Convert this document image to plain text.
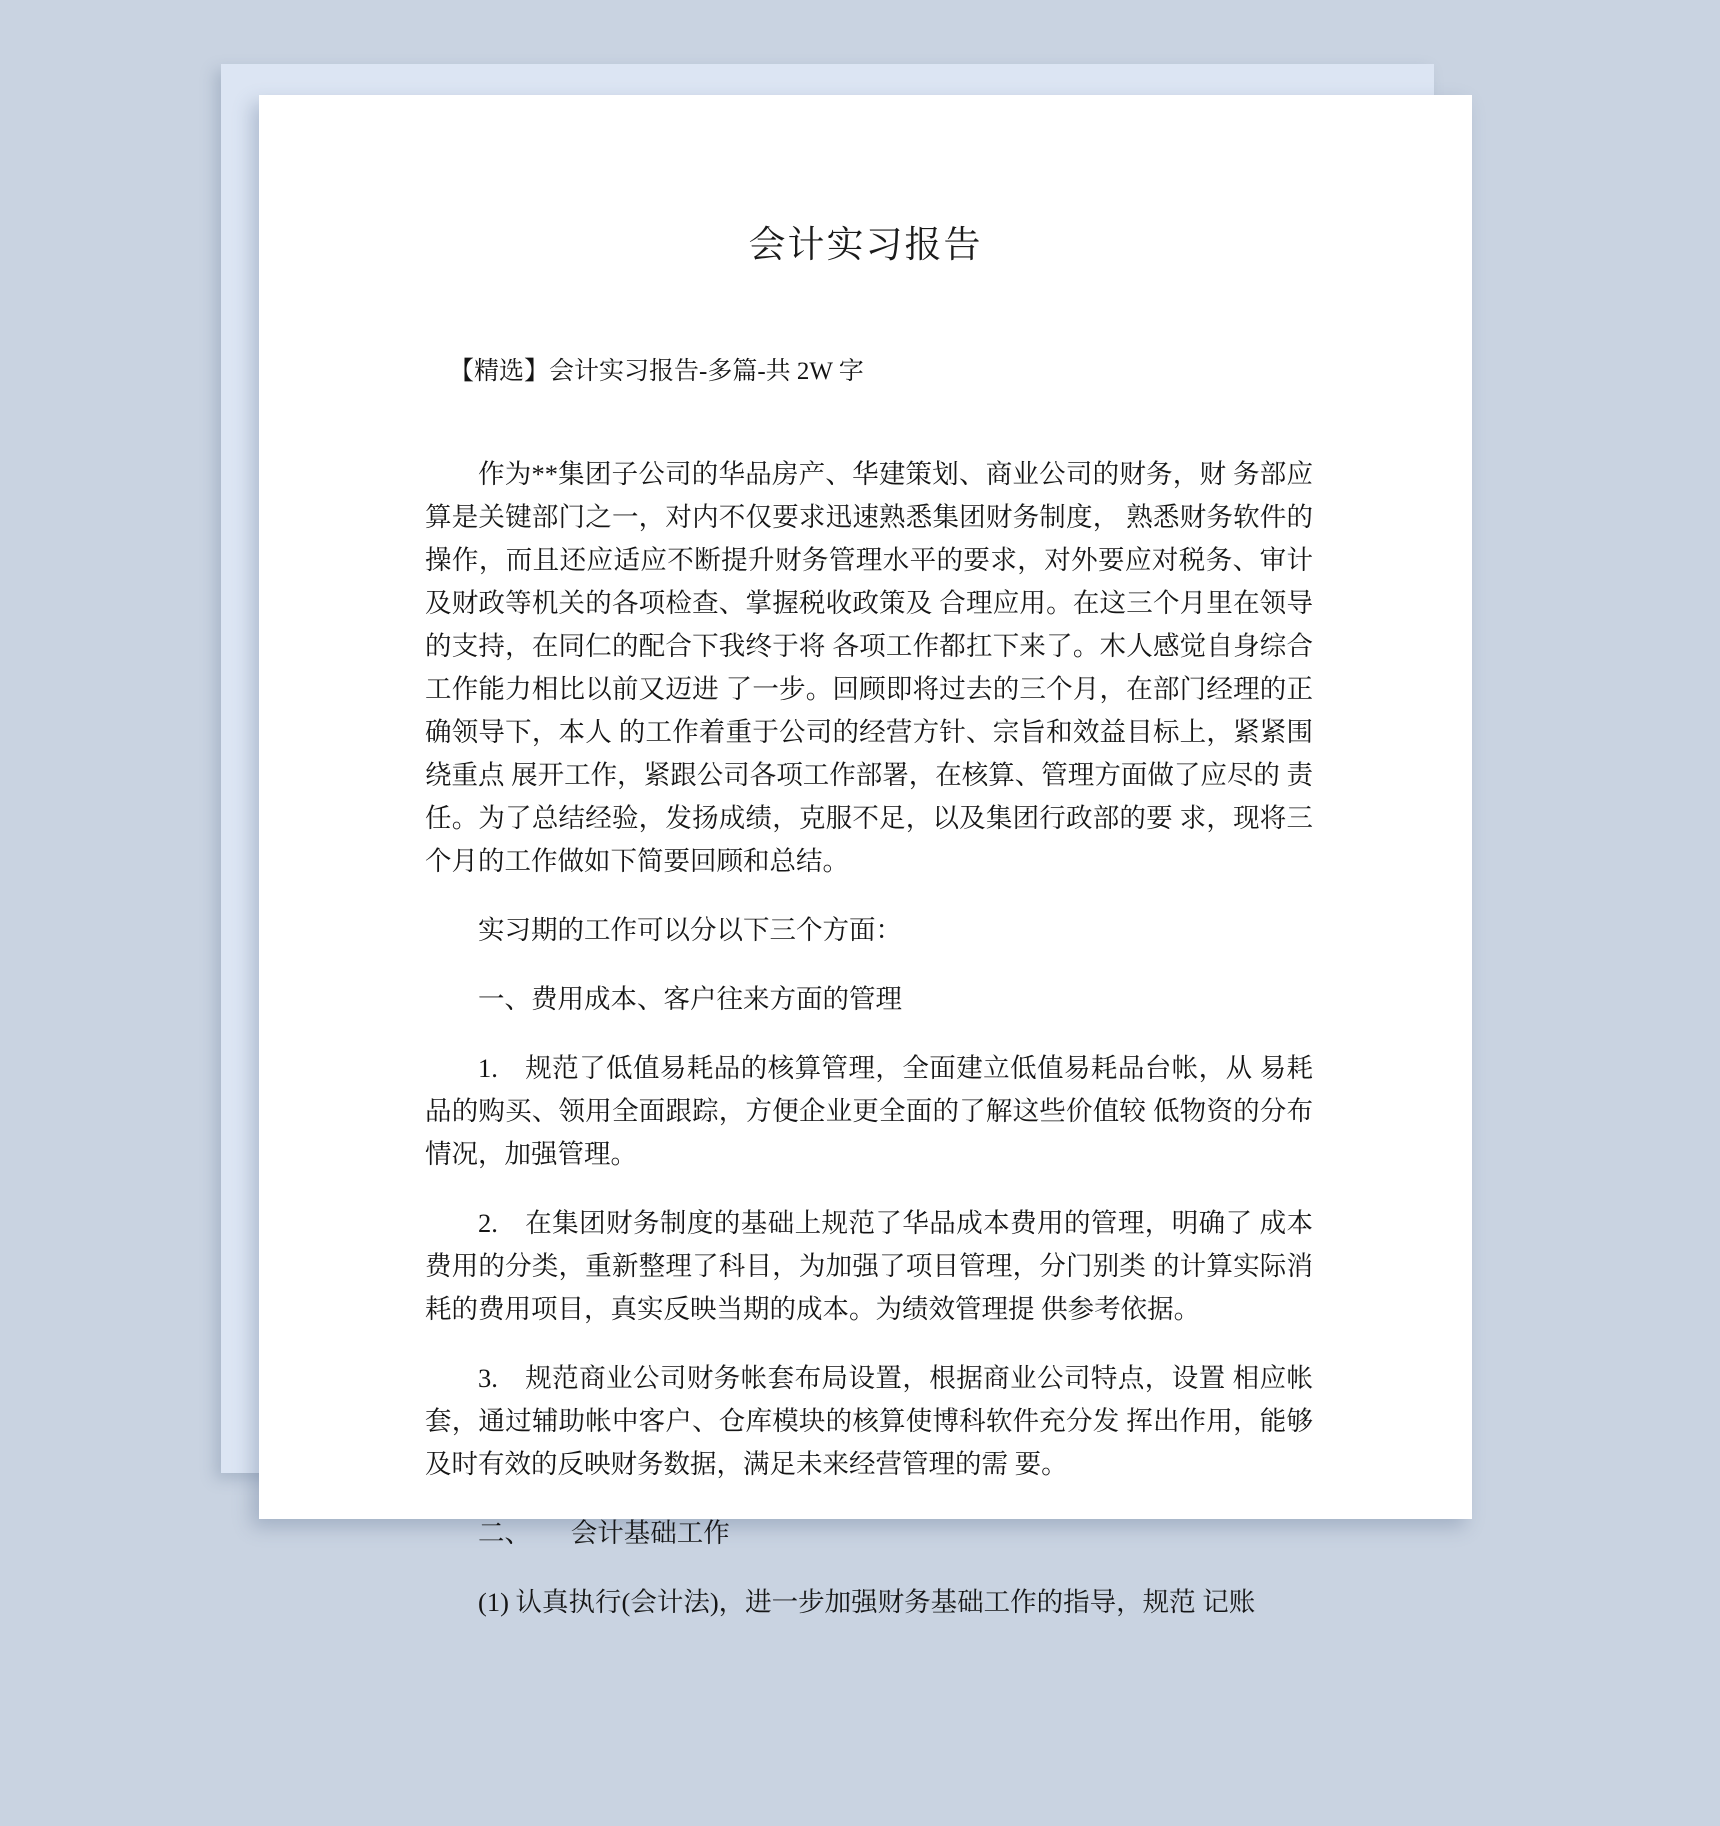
会计实习报告
【精选】会计实习报告-多篇-共 2W 字

作为**集团子公司的华品房产、华建策划、商业公司的财务，财 务部应算是关键部门之一，对内不仅要求迅速熟悉集团财务制度， 熟悉财务软件的操作，而且还应适应不断提升财务管理水平的要求，对外要应对税务、审计及财政等机关的各项检查、掌握税收政策及 合理应用。在这三个月里在领导的支持，在同仁的配合下我终于将 各项工作都扛下来了。木人感觉自身综合工作能力相比以前又迈进 了一步。回顾即将过去的三个月，在部门经理的正确领导下，本人 的工作着重于公司的经营方针、宗旨和效益目标上，紧紧围绕重点 展开工作，紧跟公司各项工作部署，在核算、管理方面做了应尽的 责任。为了总结经验，发扬成绩，克服不足，以及集团行政部的要 求，现将三个月的工作做如下简要回顾和总结。

实习期的工作可以分以下三个方面：

一、费用成本、客户往来方面的管理

1.　规范了低值易耗品的核算管理，全面建立低值易耗品台帐，从 易耗品的购买、领用全面跟踪，方便企业更全面的了解这些价值较 低物资的分布情况，加强管理。

2.　在集团财务制度的基础上规范了华品成本费用的管理，明确了 成本费用的分类，重新整理了科目，为加强了项目管理，分门别类 的计算实际消耗的费用项目，真实反映当期的成本。为绩效管理提 供参考依据。

3.　规范商业公司财务帐套布局设置，根据商业公司特点，设置 相应帐套，通过辅助帐中客户、仓库模块的核算使博科软件充分发 挥出作用，能够及时有效的反映财务数据，满足未来经营管理的需 要。

二、　　会计基础工作

(1) 认真执行(会计法)，进一步加强财务基础工作的指导，规范 记账
